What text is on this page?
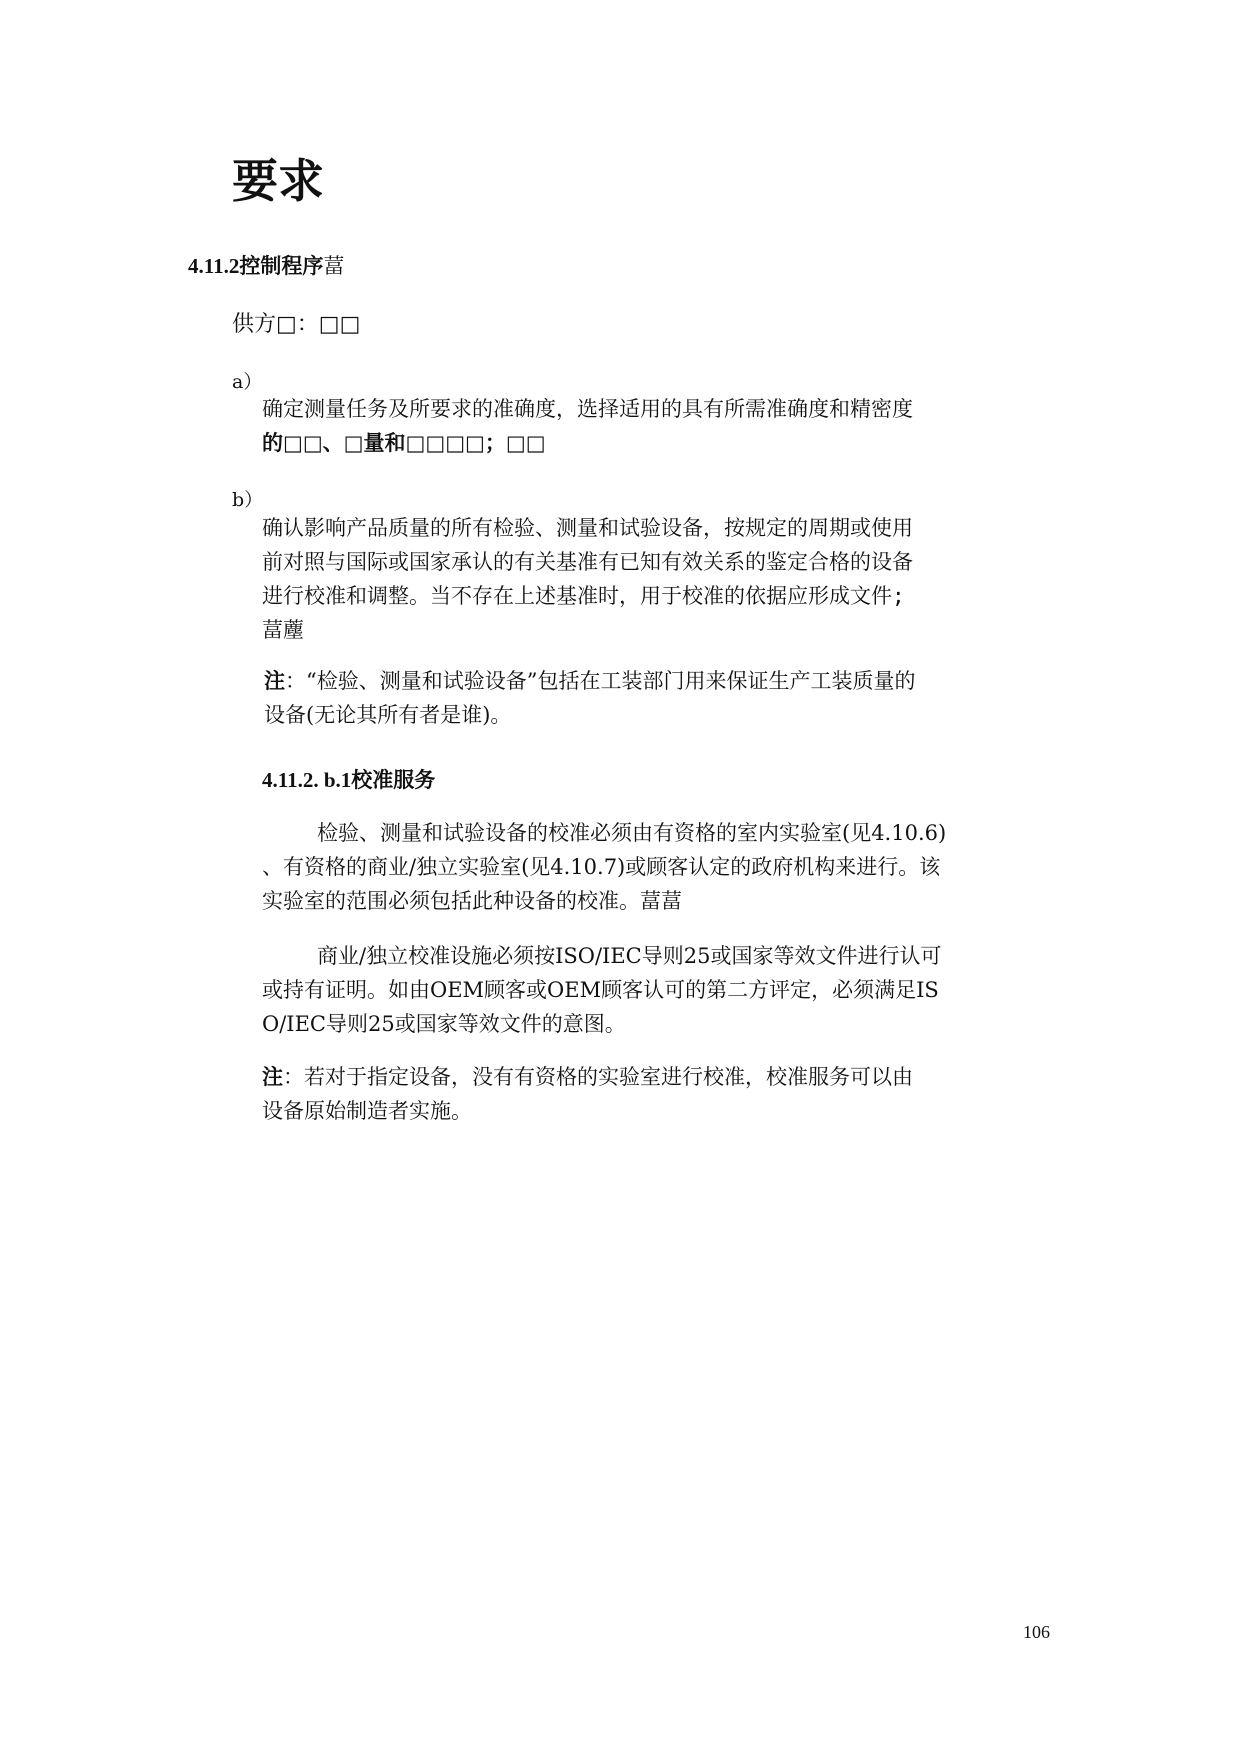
要求
4.11.2控制程序葍
供方□：□□
a）
确定测量任务及所要求的准确度，选择适用的具有所需准确度和精密度
的□□、□量和□□□□；□□
b）
确认影响产品质量的所有检验、测量和试验设备，按规定的周期或使用
前对照与国际或国家承认的有关基准有已知有效关系的鉴定合格的设备
进行校准和调整。当不存在上述基准时，用于校准的依据应形成文件;
葍薼
注：“检验、测量和试验设备”包括在工装部门用来保证生产工装质量的
设备(无论其所有者是谁)。
4.11.2. b.1校准服务
检验、测量和试验设备的校准必须由有资格的室内实验室(见4.10.6)
、有资格的商业/独立实验室(见4.10.7)或顾客认定的政府机构来进行。该
实验室的范围必须包括此种设备的校准。葍葍
商业/独立校准设施必须按ISO/IEC导则25或国家等效文件进行认可
或持有证明。如由OEM顾客或OEM顾客认可的第二方评定，必须满足IS
O/IEC导则25或国家等效文件的意图。
注：若对于指定设备，没有有资格的实验室进行校准，校准服务可以由
设备原始制造者实施。
106
